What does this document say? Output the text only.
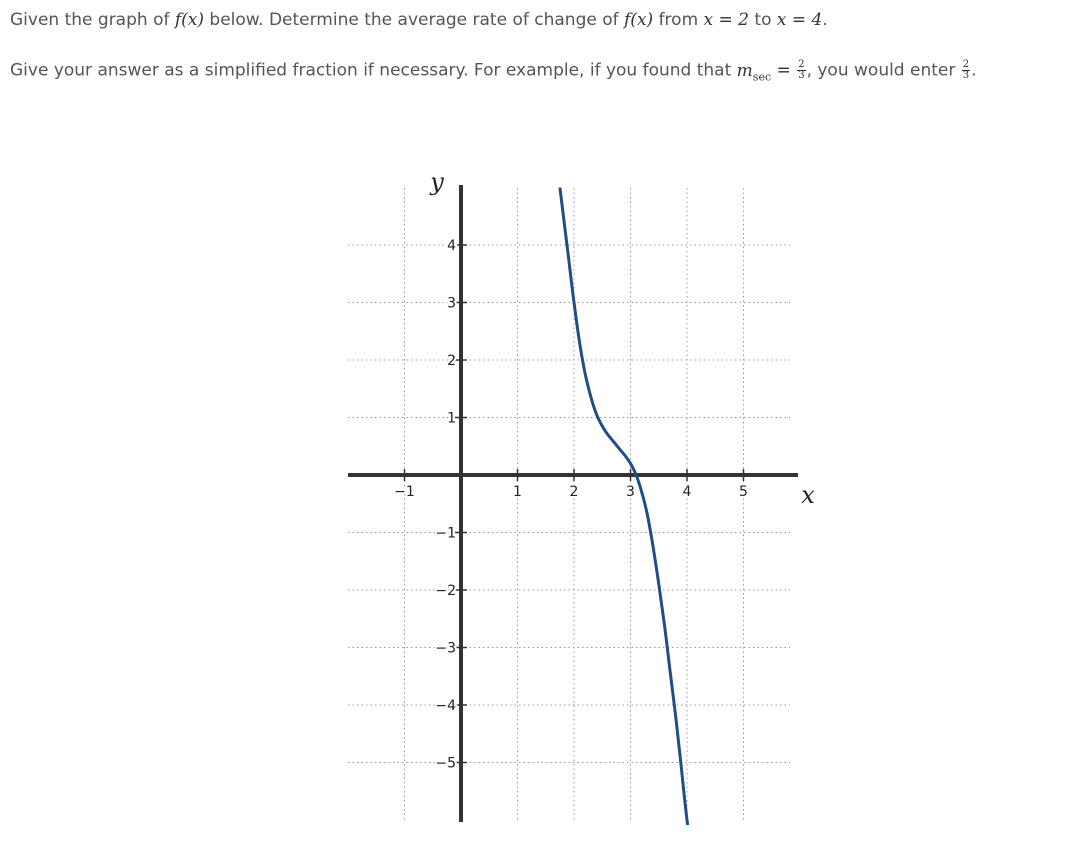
Given the graph of f(x) below. Determine the average rate of change of f(x) from x = 2 to x = 4.
Give your answer as a simplified fraction if necessary. For example, if you found that $m_{sec} = \frac{2}{3}$ , you would enter $\frac{2}{3}$ .
−1	1	2	3	4	5
4
3
2
1
−1
−2
−3
−4
−5
y
x
